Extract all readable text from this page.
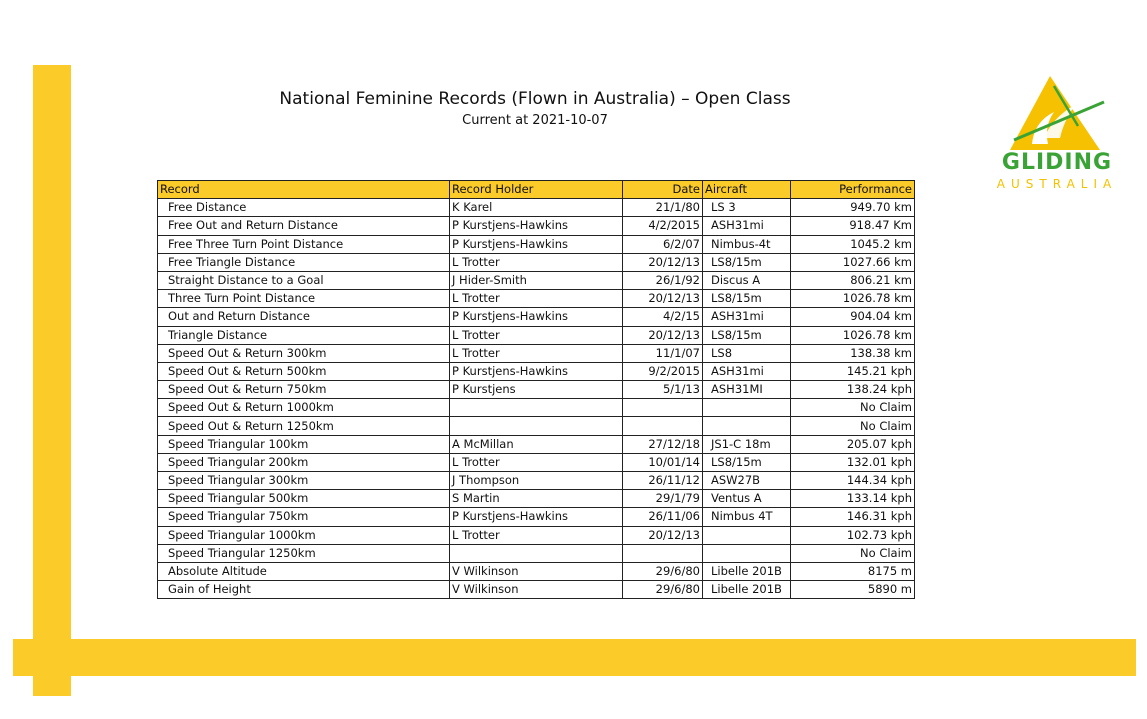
National Feminine Records (Flown in Australia) – Open Class
Current at 2021-10-07
Record	Record Holder	Date	Aircraft	Performance
Free Distance	K Karel	21/1/80	LS 3	949.70 km
Free Out and Return Distance	P Kurstjens-Hawkins	4/2/2015	ASH31mi	918.47 Km
Free Three Turn Point Distance	P Kurstjens-Hawkins	6/2/07	Nimbus-4t	1045.2 km
Free Triangle Distance	L Trotter	20/12/13	LS8/15m	1027.66 km
Straight Distance to a Goal	J Hider-Smith	26/1/92	Discus A	806.21 km
Three Turn Point Distance	L Trotter	20/12/13	LS8/15m	1026.78 km
Out and Return Distance	P Kurstjens-Hawkins	4/2/15	ASH31mi	904.04 km
Triangle Distance	L Trotter	20/12/13	LS8/15m	1026.78 km
Speed Out & Return 300km	L Trotter	11/1/07	LS8	138.38 km
Speed Out & Return 500km	P Kurstjens-Hawkins	9/2/2015	ASH31mi	145.21 kph
Speed Out & Return 750km	P Kurstjens	5/1/13	ASH31MI	138.24 kph
Speed Out & Return 1000km				No Claim
Speed Out & Return 1250km				No Claim
Speed Triangular 100km	A McMillan	27/12/18	JS1-C 18m	205.07 kph
Speed Triangular 200km	L Trotter	10/01/14	LS8/15m	132.01 kph
Speed Triangular 300km	J Thompson	26/11/12	ASW27B	144.34 kph
Speed Triangular 500km	S Martin	29/1/79	Ventus A	133.14 kph
Speed Triangular 750km	P Kurstjens-Hawkins	26/11/06	Nimbus 4T	146.31 kph
Speed Triangular 1000km	L Trotter	20/12/13		102.73 kph
Speed Triangular 1250km				No Claim
Absolute Altitude	V Wilkinson	29/6/80	Libelle 201B	8175 m
Gain of Height	V Wilkinson	29/6/80	Libelle 201B	5890 m
GLIDING
AUSTRALIA
